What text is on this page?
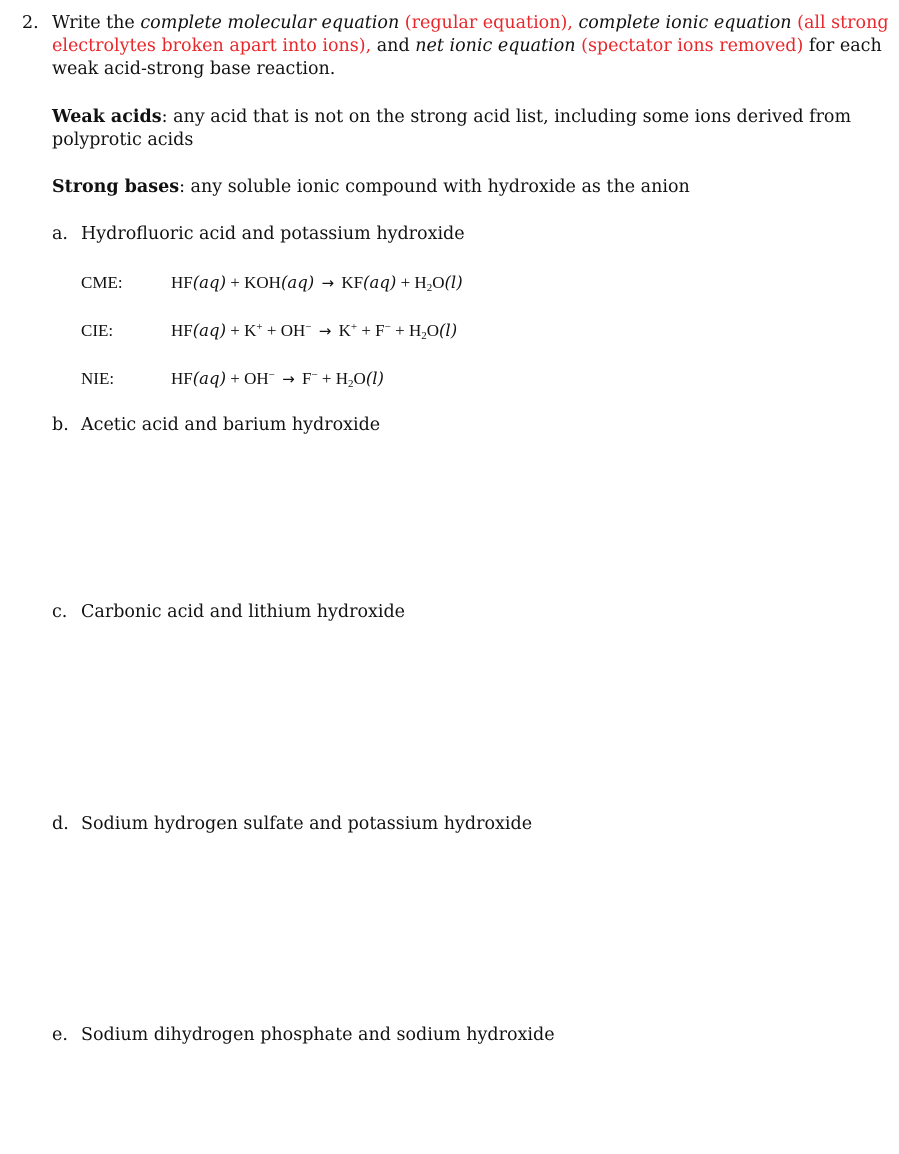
2. Write the complete molecular equation (regular equation), complete ionic equation (all strong
electrolytes broken apart into ions), and net ionic equation (spectator ions removed) for each
weak acid-strong base reaction.
Weak acids: any acid that is not on the strong acid list, including some ions derived from
polyprotic acids
Strong bases: any soluble ionic compound with hydroxide as the anion
a. Hydrofluoric acid and potassium hydroxide
CME:	$HF(aq) + KOH(aq) \to KF(aq) + H_2O(l)$
CIE:	$HF(aq) + K^+ + OH^- \to K^+ + F^- + H_2O(l)$
NIE:	$HF(aq) + OH^- \to F^- + H_2O(l)$
b. Acetic acid and barium hydroxide
c. Carbonic acid and lithium hydroxide
d. Sodium hydrogen sulfate and potassium hydroxide
e. Sodium dihydrogen phosphate and sodium hydroxide
